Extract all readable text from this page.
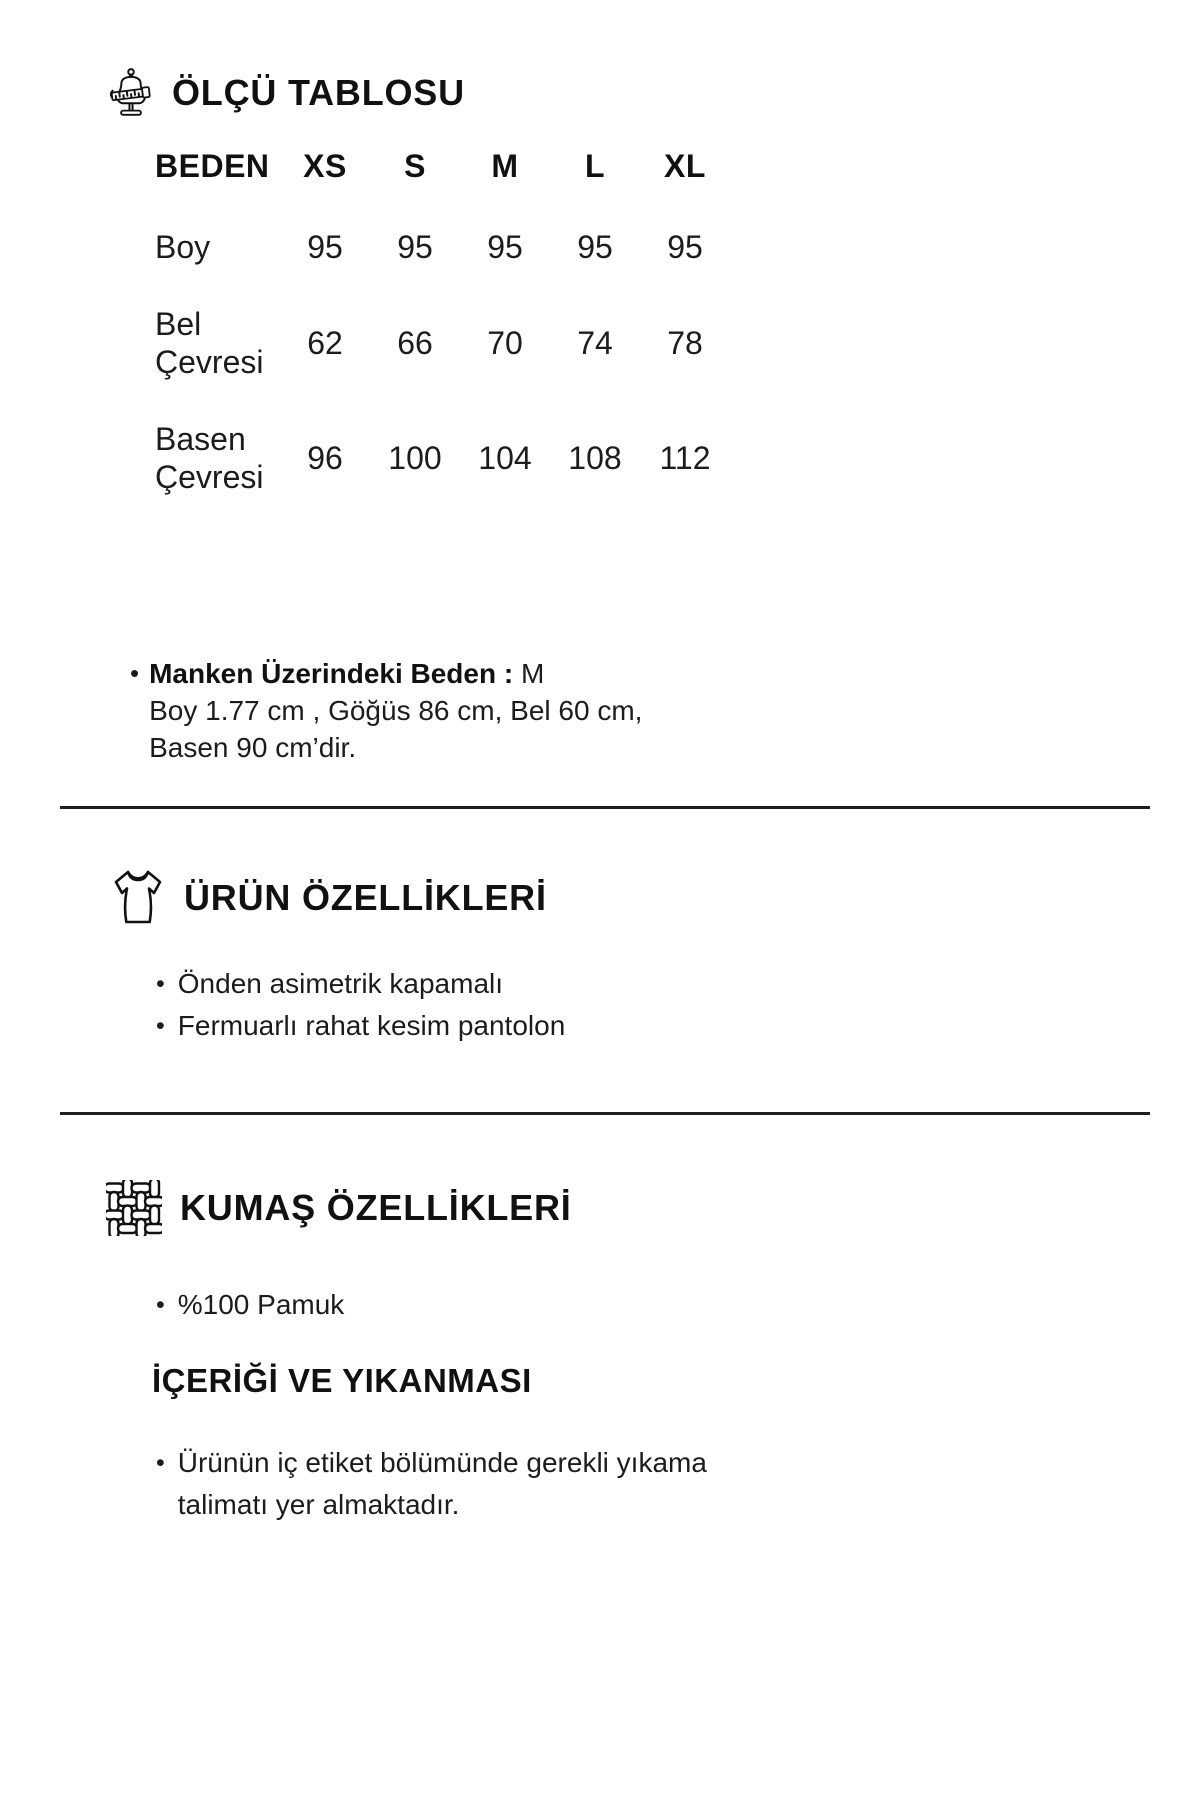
ÖLÇÜ TABLOSU
BEDEN	XS	S	M	L	XL
Boy	95	95	95	95	95
Bel Çevresi	62	66	70	74	78
Basen Çevresi	96	100	104	108	112
• Manken Üzerindeki Beden : M
Boy 1.77 cm , Göğüs 86 cm, Bel 60 cm,
Basen 90 cm’dir.
ÜRÜN ÖZELLİKLERİ
• Önden asimetrik kapamalı
• Fermuarlı rahat kesim pantolon
KUMAŞ ÖZELLİKLERİ
• %100 Pamuk
İÇERİĞİ VE YIKANMASI
• Ürünün iç etiket bölümünde gerekli yıkama talimatı yer almaktadır.
